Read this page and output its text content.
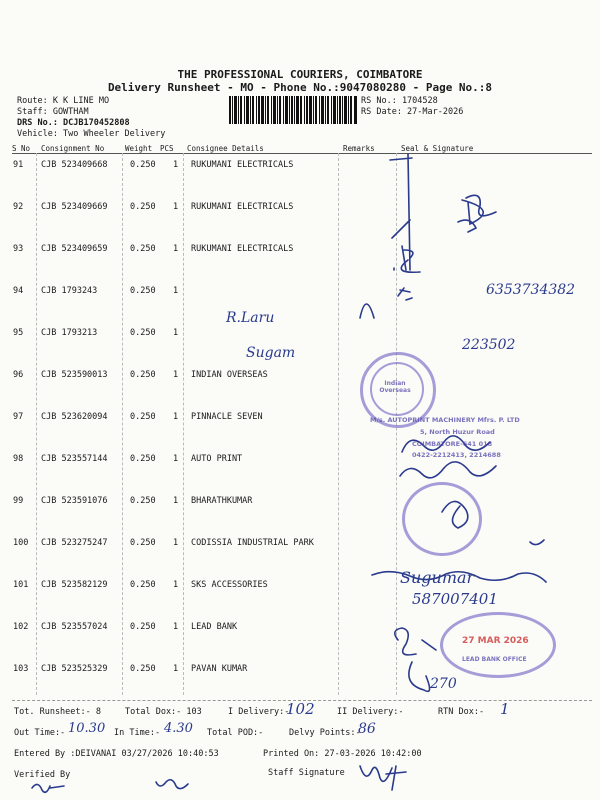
THE PROFESSIONAL COURIERS, COIMBATORE
Delivery Runsheet - MO - Phone No.:9047080280 - Page No.:8
Route: K K LINE MO
Staff: GOWTHAM
DRS No.: DCJB170452808
Vehicle: Two Wheeler Delivery
RS No.: 1704528
RS Date: 27-Mar-2026
S No Consignment No	Weight PCS Consignee Details	Remarks	Seal & Signature
91 CJB 523409668	0.250 1 RUKUMANI ELECTRICALS
92 CJB 523409669	0.250 1 RUKUMANI ELECTRICALS
93 CJB 523409659	0.250 1 RUKUMANI ELECTRICALS
94 CJB 1793243	0.250 1
95 CJB 1793213	0.250 1
96 CJB 523590013	0.250 1 INDIAN OVERSEAS
97 CJB 523620094	0.250 1 PINNACLE SEVEN
98 CJB 523557144	0.250 1 AUTO PRINT
99 CJB 523591076	0.250 1 BHARATHKUMAR
100 CJB 523275247	0.250 1 CODISSIA INDUSTRIAL PARK
101 CJB 523582129	0.250 1 SKS ACCESSORIES
102 CJB 523557024	0.250 1 LEAD BANK
103 CJB 523525329	0.250 1 PAVAN KUMAR
Indian Overseas
M/s. AUTOPRINT MACHINERY Mfrs. P. LTD
5, North Huzur Road
COIMBATORE-641 018
0422-2212413, 2214688
27 MAR 2026
LEAD BANK OFFICE
6353734382
R.Laru
Sugam	223502
Sugumar
587007401
270
Tot. Runsheet:- 8	Total Dox:- 103	I Delivery:-
102	II Delivery:-	RTN Dox:- 1
Out Time:- 10.30 In Time:- 4.30 Total POD:-	Delvy Points:-
86
Entered By :DEIVANAI 03/27/2026 10:40:53	Printed On: 27-03-2026 10:42:00
Verified By	Staff Signature
